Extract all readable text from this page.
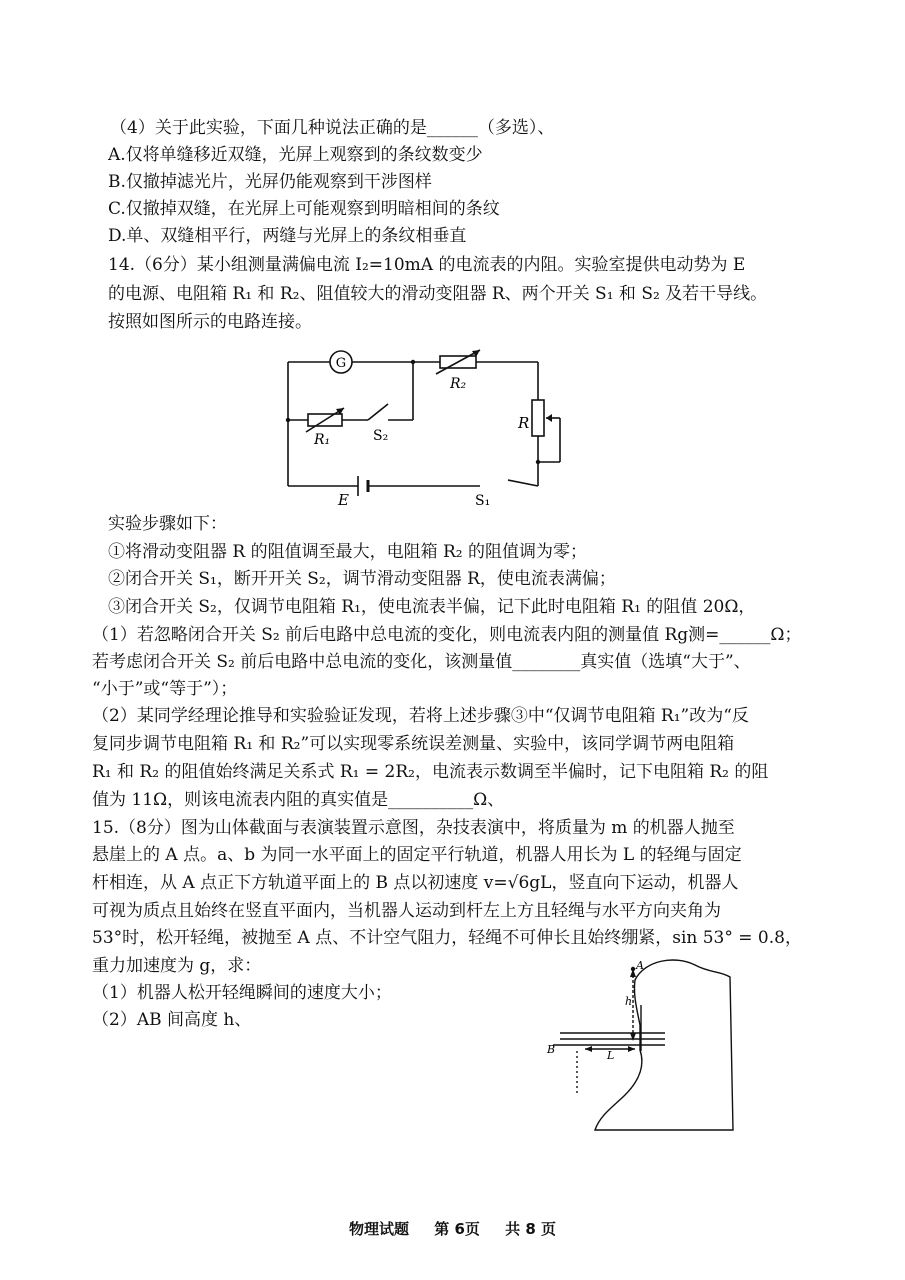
（4）关于此实验，下面几种说法正确的是______（多选）、
A.仅将单缝移近双缝，光屏上观察到的条纹数变少
B.仅撤掉滤光片，光屏仍能观察到干涉图样
C.仅撤掉双缝，在光屏上可能观察到明暗相间的条纹
D.单、双缝相平行，两缝与光屏上的条纹相垂直
14.（6分）某小组测量满偏电流 I₂=10mA 的电流表的内阻。实验室提供电动势为 E
的电源、电阻箱 R₁ 和 R₂、阻值较大的滑动变阻器 R、两个开关 S₁ 和 S₂ 及若干导线。
按照如图所示的电路连接。
G
R₂
R₁	S₂
R
E	S₁
实验步骤如下：
①将滑动变阻器 R 的阻值调至最大，电阻箱 R₂ 的阻值调为零；
②闭合开关 S₁，断开开关 S₂，调节滑动变阻器 R，使电流表满偏；
③闭合开关 S₂，仅调节电阻箱 R₁，使电流表半偏，记下此时电阻箱 R₁ 的阻值 20Ω，
（1）若忽略闭合开关 S₂ 前后电路中总电流的变化，则电流表内阻的测量值 Rg测=______Ω；
若考虑闭合开关 S₂ 前后电路中总电流的变化，该测量值________真实值（选填“大于”、
“小于”或“等于”）；
（2）某同学经理论推导和实验验证发现，若将上述步骤③中“仅调节电阻箱 R₁”改为“反
复同步调节电阻箱 R₁ 和 R₂”可以实现零系统误差测量、实验中，该同学调节两电阻箱
R₁ 和 R₂ 的阻值始终满足关系式 R₁ = 2R₂，电流表示数调至半偏时，记下电阻箱 R₂ 的阻
值为 11Ω，则该电流表内阻的真实值是__________Ω、
15.（8分）图为山体截面与表演装置示意图，杂技表演中，将质量为 m 的机器人抛至
悬崖上的 A 点。a、b 为同一水平面上的固定平行轨道，机器人用长为 L 的轻绳与固定
杆相连，从 A 点正下方轨道平面上的 B 点以初速度 v=√6gL，竖直向下运动，机器人
可视为质点且始终在竖直平面内，当机器人运动到杆左上方且轻绳与水平方向夹角为
53°时，松开轻绳，被抛至 A 点、不计空气阻力，轻绳不可伸长且始终绷紧，sin 53° = 0.8，
重力加速度为 g，求：
（1）机器人松开轻绳瞬间的速度大小；
（2）AB 间高度 h、
A
h
B	L
物理试题 第 6页 共 8 页
